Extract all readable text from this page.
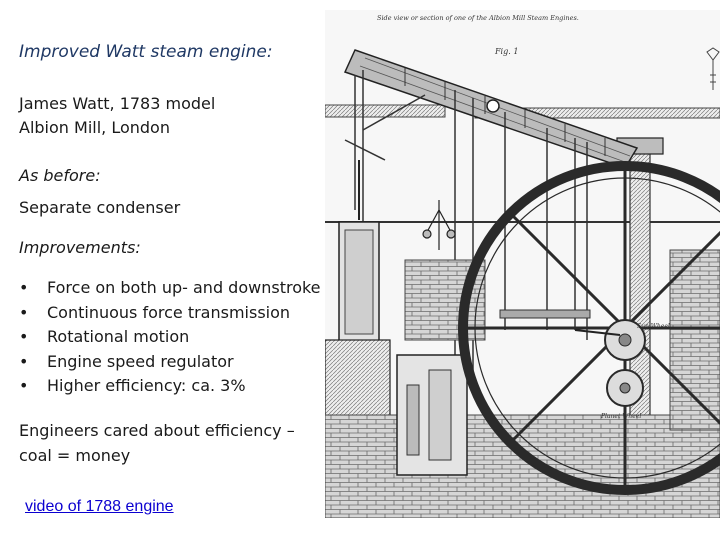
Improved Watt steam engine:
James Watt, 1783 model
Albion Mill, London
As before:
Separate condenser
Improvements:
• Force on both up- and downstroke
• Continuous force transmission
• Rotational motion
• Engine speed regulator
• Higher efficiency: ca. 3%
Engineers cared about efficiency –
coal = money
video of 1788 engine
Side view or section of one of the Albion Mill Steam Engines.
Fig. 1
Sun Wheel
Planet Wheel
